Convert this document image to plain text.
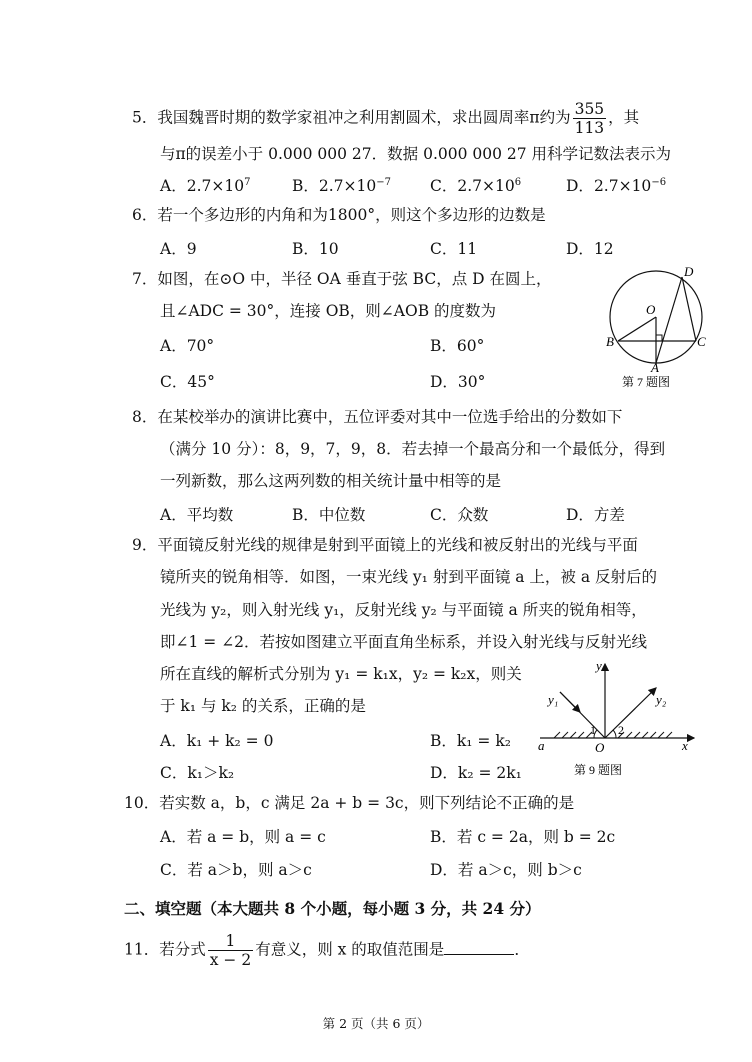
5．我国魏晋时期的数学家祖冲之利用割圆术，求出圆周率π约为 $\frac{355}{113}$ ，其
与π的误差小于 0.000 000 27．数据 0.000 000 27 用科学记数法表示为
A．$2.7\times 10^7$	B．$2.7\times 10^{-7}$	C．$2.7\times 10^6$	D．$2.7\times 10^{-6}$
6．若一个多边形的内角和为1800°，则这个多边形的边数是
A．9	B．10	C．11	D．12
7．如图，在⊙O 中，半径 OA 垂直于弦 BC，点 D 在圆上，
且∠ADC = 30°，连接 OB，则∠AOB 的度数为
A．70°	B．60°
C．45°	D．30°
D
O
B	C
A
第 7 题图
8．在某校举办的演讲比赛中，五位评委对其中一位选手给出的分数如下
（满分 10 分）：8，9，7，9，8．若去掉一个最高分和一个最低分，得到
一列新数，那么这两列数的相关统计量中相等的是
A．平均数	B．中位数	C．众数	D．方差
9．平面镜反射光线的规律是射到平面镜上的光线和被反射出的光线与平面
镜所夹的锐角相等．如图，一束光线 y₁ 射到平面镜 a 上，被 a 反射后的
光线为 y₂，则入射光线 y₁，反射光线 y₂ 与平面镜 a 所夹的锐角相等，
即∠1 = ∠2．若按如图建立平面直角坐标系，并设入射光线与反射光线
所在直线的解析式分别为 y₁ = k₁x，y₂ = k₂x，则关
于 k₁ 与 k₂ 的关系，正确的是
A．k₁ + k₂ = 0	B．k₁ = k₂
C．k₁＞k₂	D．k₂ = 2k₁
y
y₁	y₂
1 2
a	O	x
第 9 题图
10．若实数 a，b，c 满足 2a + b = 3c，则下列结论不正确的是
A．若 a = b，则 a = c	B．若 c = 2a，则 b = 2c
C．若 a＞b，则 a＞c	D．若 a＞c，则 b＞c
二、填空题（本大题共 8 个小题，每小题 3 分，共 24 分）
11．若分式 $\frac{1}{x - 2}$ 有意义，则 x 的取值范围是	．
第 2 页（共 6 页）
